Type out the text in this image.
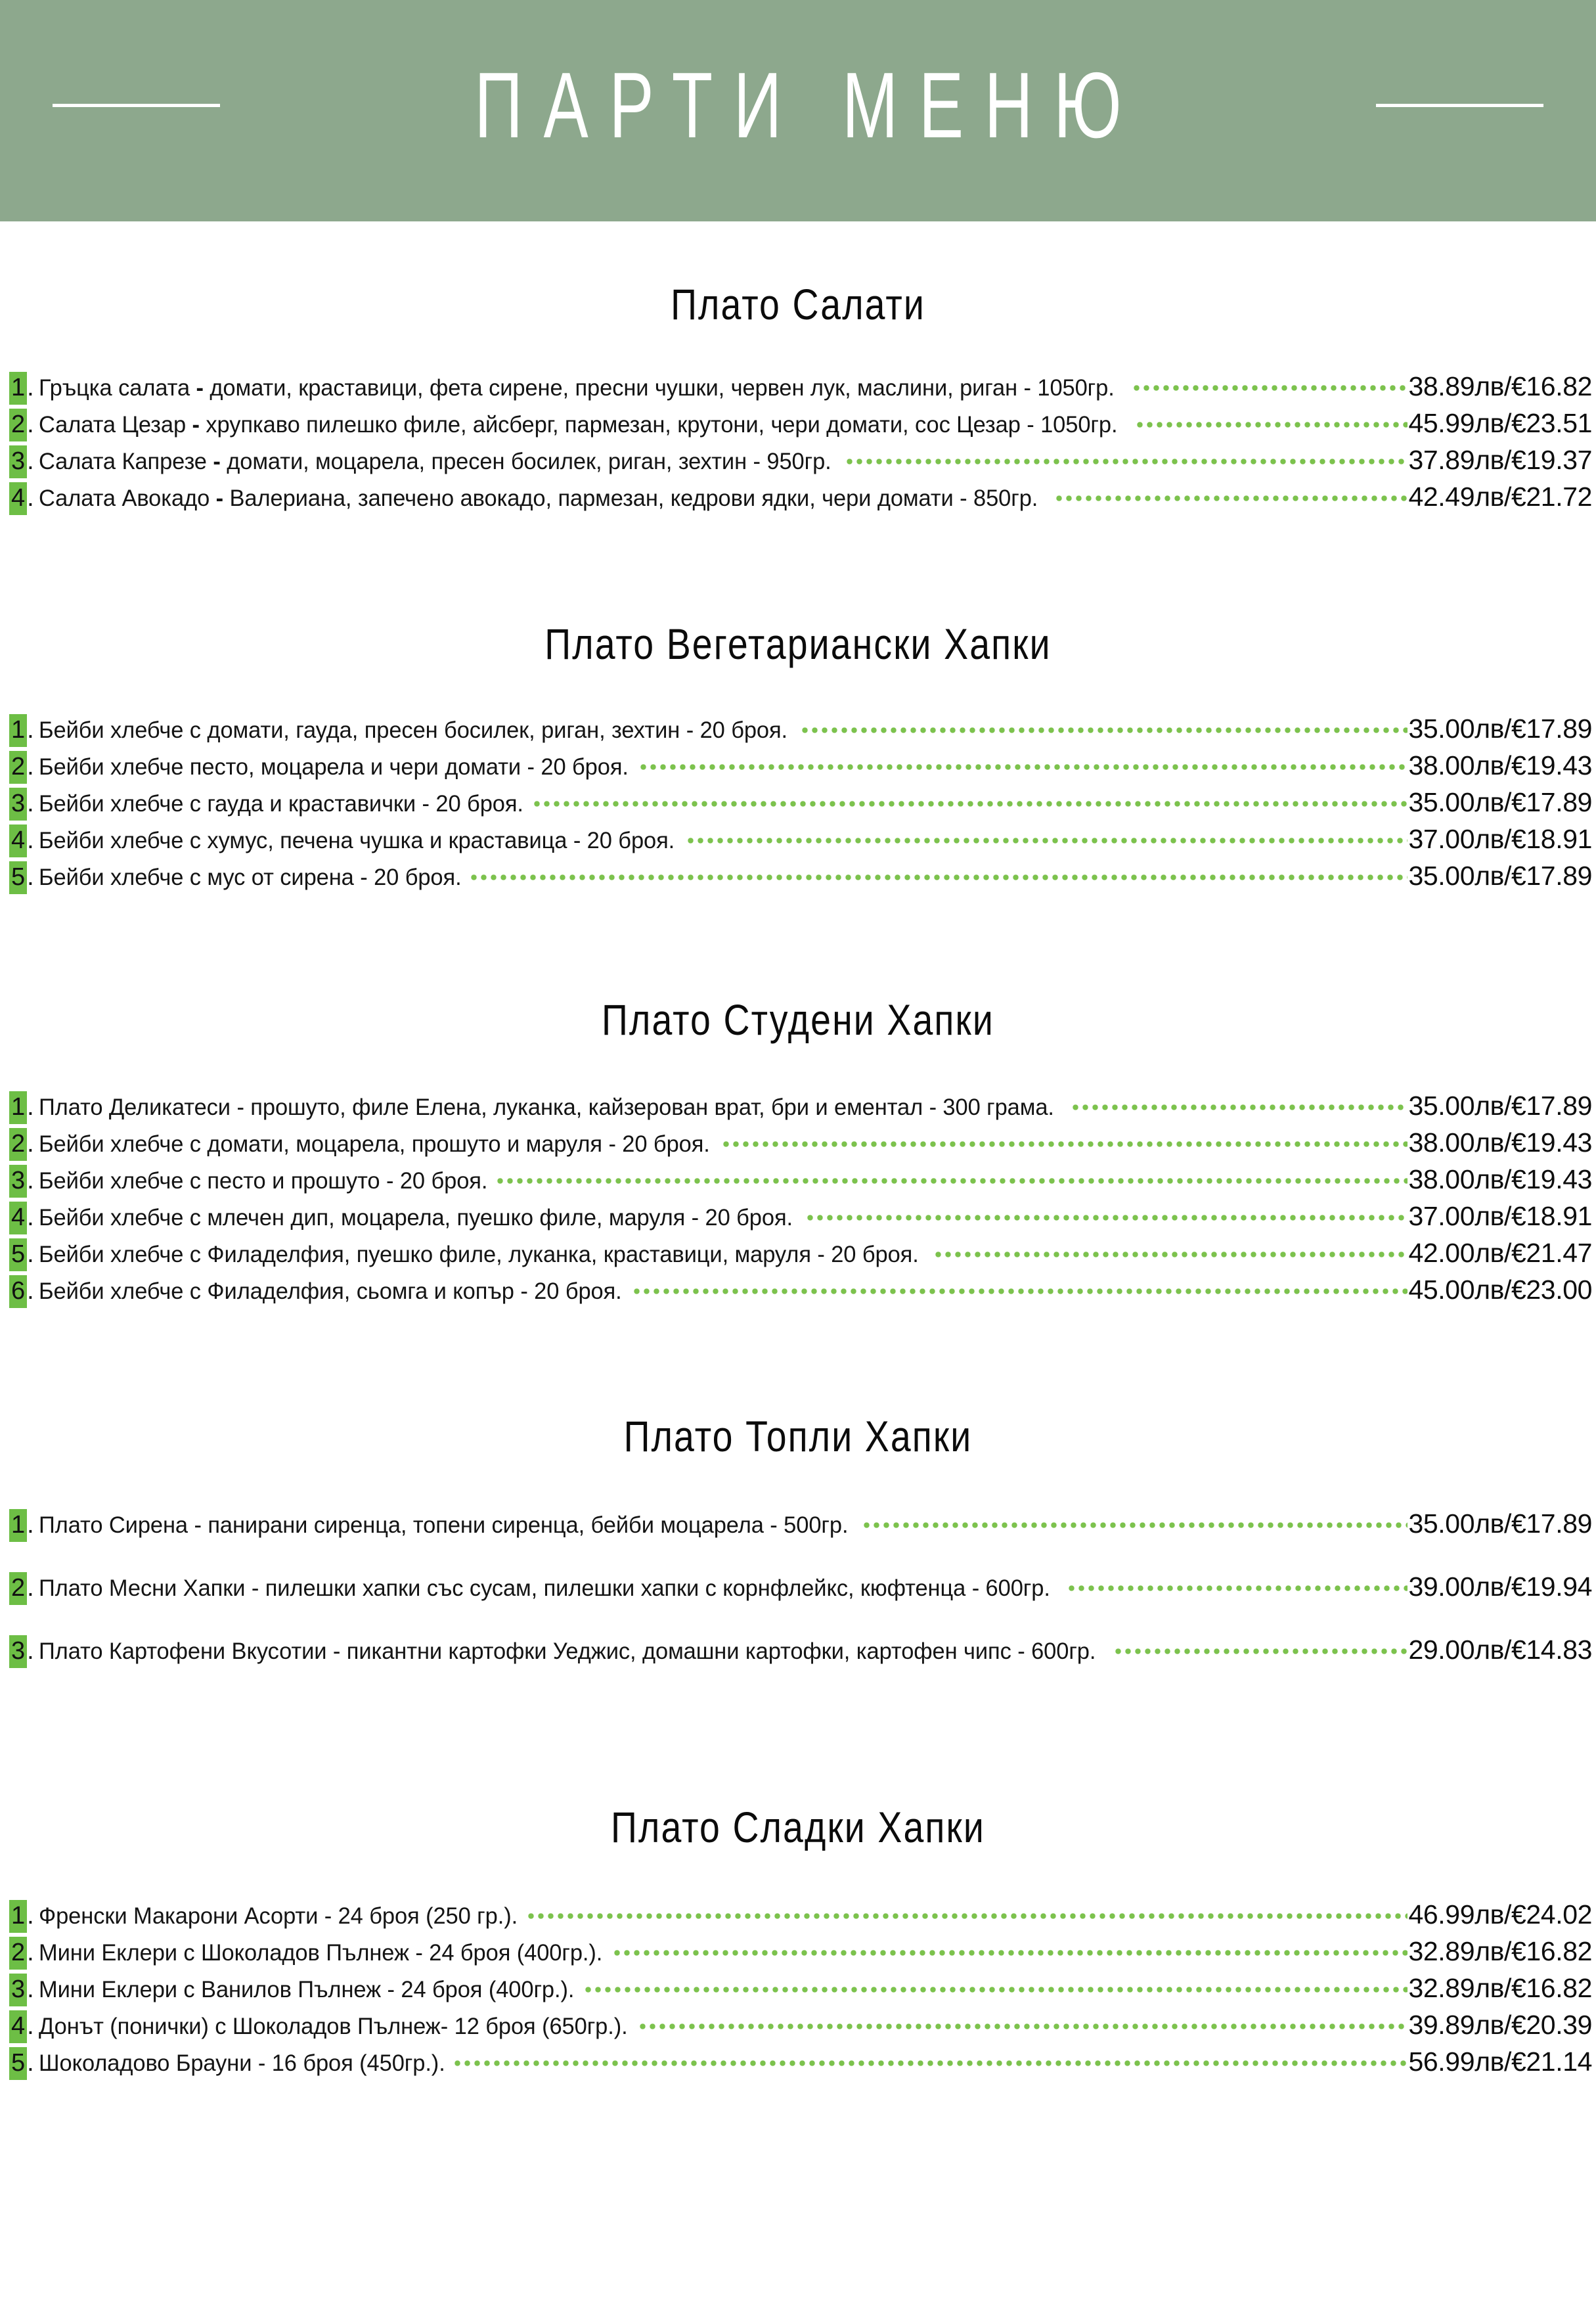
ПАРТИ МЕНЮ
Плато Салати
1. Гръцка салата - домати, краставици, фета сирене, пресни чушки, червен лук, маслини, риган - 1050гр.	38.89лв/€16.82
2. Салата Цезар - хрупкаво пилешко филе, айсберг, пармезан, крутони, чери домати, сос Цезар - 1050гр.	45.99лв/€23.51
3. Салата Капрезе - домати, моцарела, пресен босилек, риган, зехтин - 950гр.	37.89лв/€19.37
4. Салата Авокадо - Валериана, запечено авокадо, пармезан, кедрови ядки, чери домати - 850гр.	42.49лв/€21.72
Плато Вегетариански Хапки
1. Бейби хлебче с домати, гауда, пресен босилек, риган, зехтин - 20 броя.	35.00лв/€17.89
2. Бейби хлебче песто, моцарела и чери домати - 20 броя.	38.00лв/€19.43
3. Бейби хлебче с гауда и краставички - 20 броя.	35.00лв/€17.89
4. Бейби хлебче с хумус, печена чушка и краставица - 20 броя.	37.00лв/€18.91
5. Бейби хлебче с мус от сирена - 20 броя.	35.00лв/€17.89
Плато Студени Хапки
1. Плато Деликатеси - прошуто, филе Елена, луканка, кайзерован врат, бри и ементал - 300 грама.	35.00лв/€17.89
2. Бейби хлебче с домати, моцарела, прошуто и маруля - 20 броя.	38.00лв/€19.43
3. Бейби хлебче с песто и прошуто - 20 броя.	38.00лв/€19.43
4. Бейби хлебче с млечен дип, моцарела, пуешко филе, маруля - 20 броя.	37.00лв/€18.91
5. Бейби хлебче с Филаделфия, пуешко филе, луканка, краставици, маруля - 20 броя.	42.00лв/€21.47
6. Бейби хлебче с Филаделфия, сьомга и копър - 20 броя.	45.00лв/€23.00
Плато Топли Хапки
1. Плато Сирена - панирани сиренца, топени сиренца, бейби моцарела - 500гр.	35.00лв/€17.89
2. Плато Месни Хапки - пилешки хапки със сусам, пилешки хапки с корнфлейкс, кюфтенца - 600гр.	39.00лв/€19.94
3. Плато Картофени Вкусотии - пикантни картофки Уеджис, домашни картофки, картофен чипс - 600гр.	29.00лв/€14.83
Плато Сладки Хапки
1. Френски Макарони Асорти - 24 броя (250 гр.).	46.99лв/€24.02
2. Мини Еклери с Шоколадов Пълнеж - 24 броя (400гр.).	32.89лв/€16.82
3. Мини Еклери с Ванилов Пълнеж - 24 броя (400гр.).	32.89лв/€16.82
4. Донът (понички) с Шоколадов Пълнеж- 12 броя (650гр.).	39.89лв/€20.39
5. Шоколадово Брауни - 16 броя (450гр.).	56.99лв/€21.14
